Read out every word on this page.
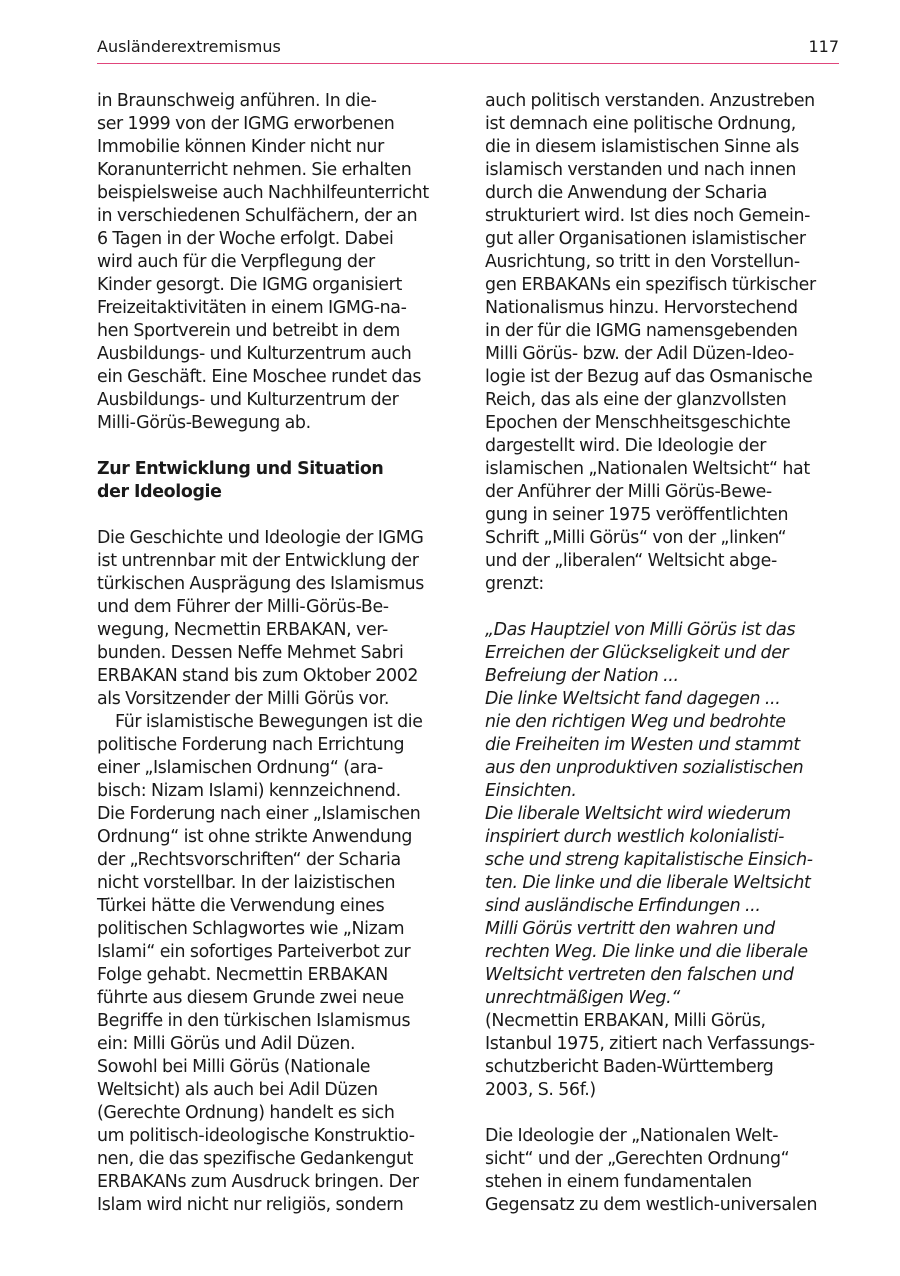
Ausländerextremismus	117
in Braunschweig anführen. In die-
ser 1999 von der IGMG erworbenen
Immobilie können Kinder nicht nur
Koranunterricht nehmen. Sie erhalten
beispielsweise auch Nachhilfeunterricht
in verschiedenen Schulfächern, der an
6 Tagen in der Woche erfolgt. Dabei
wird auch für die Verpflegung der
Kinder gesorgt. Die IGMG organisiert
Freizeitaktivitäten in einem IGMG-na-
hen Sportverein und betreibt in dem
Ausbildungs- und Kulturzentrum auch
ein Geschäft. Eine Moschee rundet das
Ausbildungs- und Kulturzentrum der
Milli-Görüs-Bewegung ab.
Zur Entwicklung und Situation
der Ideologie
Die Geschichte und Ideologie der IGMG
ist untrennbar mit der Entwicklung der
türkischen Ausprägung des Islamismus
und dem Führer der Milli-Görüs-Be-
wegung, Necmettin ERBAKAN, ver-
bunden. Dessen Neffe Mehmet Sabri
ERBAKAN stand bis zum Oktober 2002
als Vorsitzender der Milli Görüs vor.
Für islamistische Bewegungen ist die
politische Forderung nach Errichtung
einer „Islamischen Ordnung“ (ara-
bisch: Nizam Islami) kennzeichnend.
Die Forderung nach einer „Islamischen
Ordnung“ ist ohne strikte Anwendung
der „Rechtsvorschriften“ der Scharia
nicht vorstellbar. In der laizistischen
Türkei hätte die Verwendung eines
politischen Schlagwortes wie „Nizam
Islami“ ein sofortiges Parteiverbot zur
Folge gehabt. Necmettin ERBAKAN
führte aus diesem Grunde zwei neue
Begriffe in den türkischen Islamismus
ein: Milli Görüs und Adil Düzen.
Sowohl bei Milli Görüs (Nationale
Weltsicht) als auch bei Adil Düzen
(Gerechte Ordnung) handelt es sich
um politisch-ideologische Konstruktio-
nen, die das spezifische Gedankengut
ERBAKANs zum Ausdruck bringen. Der
Islam wird nicht nur religiös, sondern
auch politisch verstanden. Anzustreben
ist demnach eine politische Ordnung,
die in diesem islamistischen Sinne als
islamisch verstanden und nach innen
durch die Anwendung der Scharia
strukturiert wird. Ist dies noch Gemein-
gut aller Organisationen islamistischer
Ausrichtung, so tritt in den Vorstellun-
gen ERBAKANs ein spezifisch türkischer
Nationalismus hinzu. Hervorstechend
in der für die IGMG namensgebenden
Milli Görüs- bzw. der Adil Düzen-Ideo-
logie ist der Bezug auf das Osmanische
Reich, das als eine der glanzvollsten
Epochen der Menschheitsgeschichte
dargestellt wird. Die Ideologie der
islamischen „Nationalen Weltsicht“ hat
der Anführer der Milli Görüs-Bewe-
gung in seiner 1975 veröffentlichten
Schrift „Milli Görüs“ von der „linken“
und der „liberalen“ Weltsicht abge-
grenzt:
„Das Hauptziel von Milli Görüs ist das
Erreichen der Glückseligkeit und der
Befreiung der Nation ...
Die linke Weltsicht fand dagegen ...
nie den richtigen Weg und bedrohte
die Freiheiten im Westen und stammt
aus den unproduktiven sozialistischen
Einsichten.
Die liberale Weltsicht wird wiederum
inspiriert durch westlich kolonialisti-
sche und streng kapitalistische Einsich-
ten. Die linke und die liberale Weltsicht
sind ausländische Erfindungen ...
Milli Görüs vertritt den wahren und
rechten Weg. Die linke und die liberale
Weltsicht vertreten den falschen und
unrechtmäßigen Weg.“
(Necmettin ERBAKAN, Milli Görüs,
Istanbul 1975, zitiert nach Verfassungs-
schutzbericht Baden-Württemberg
2003, S. 56f.)
Die Ideologie der „Nationalen Welt-
sicht“ und der „Gerechten Ordnung“
stehen in einem fundamentalen
Gegensatz zu dem westlich-universalen
